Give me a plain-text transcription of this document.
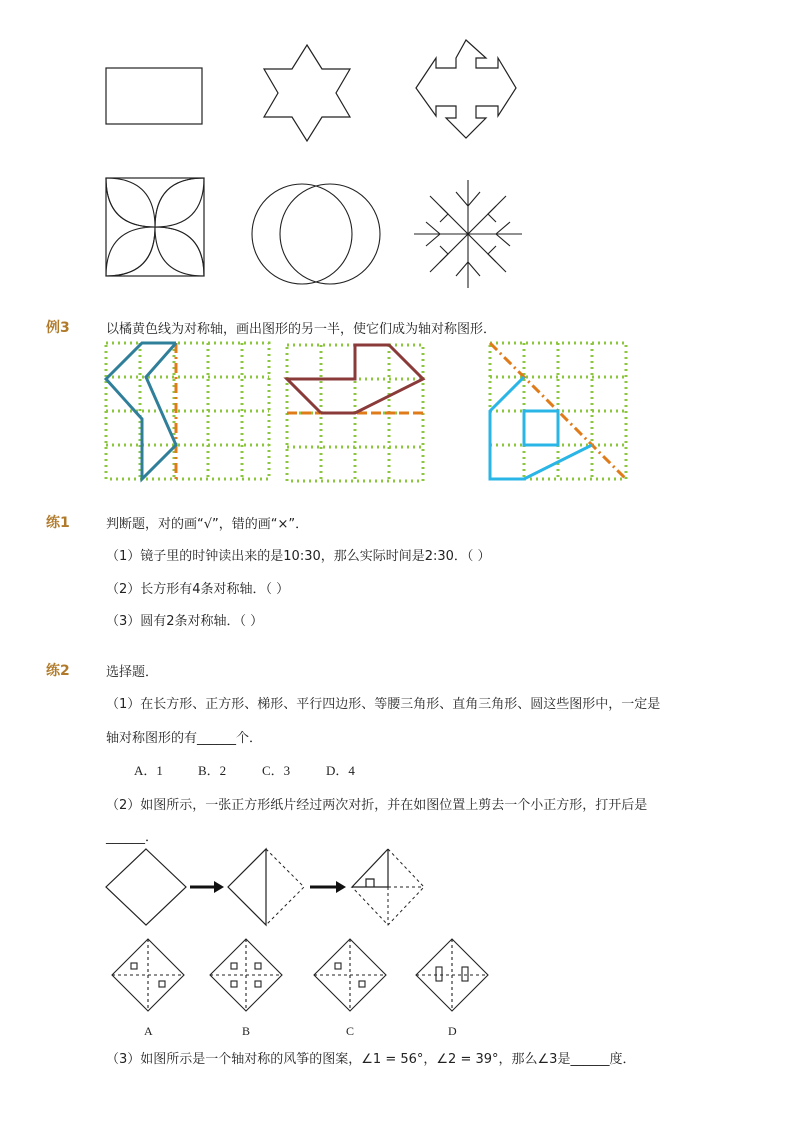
例3	以橘黄色线为对称轴，画出图形的另一半，使它们成为轴对称图形．
练1	判断题，对的画“√”，错的画“×”．
（1）镜子里的时钟读出来的是10:30，那么实际时间是2:30．（ ）
（2）长方形有4条对称轴．（ ）
（3）圆有2条对称轴．（ ）
练2	选择题．
（1）在长方形、正方形、梯形、平行四边形、等腰三角形、直角三角形、圆这些图形中，一定是
轴对称图形的有______个．
A．1	B．2	C．3	D．4
（2）如图所示，一张正方形纸片经过两次对折，并在如图位置上剪去一个小正方形，打开后是
______．
A	B	C	D
（3）如图所示是一个轴对称的风筝的图案，∠1 = 56°，∠2 = 39°，那么∠3是______度．
